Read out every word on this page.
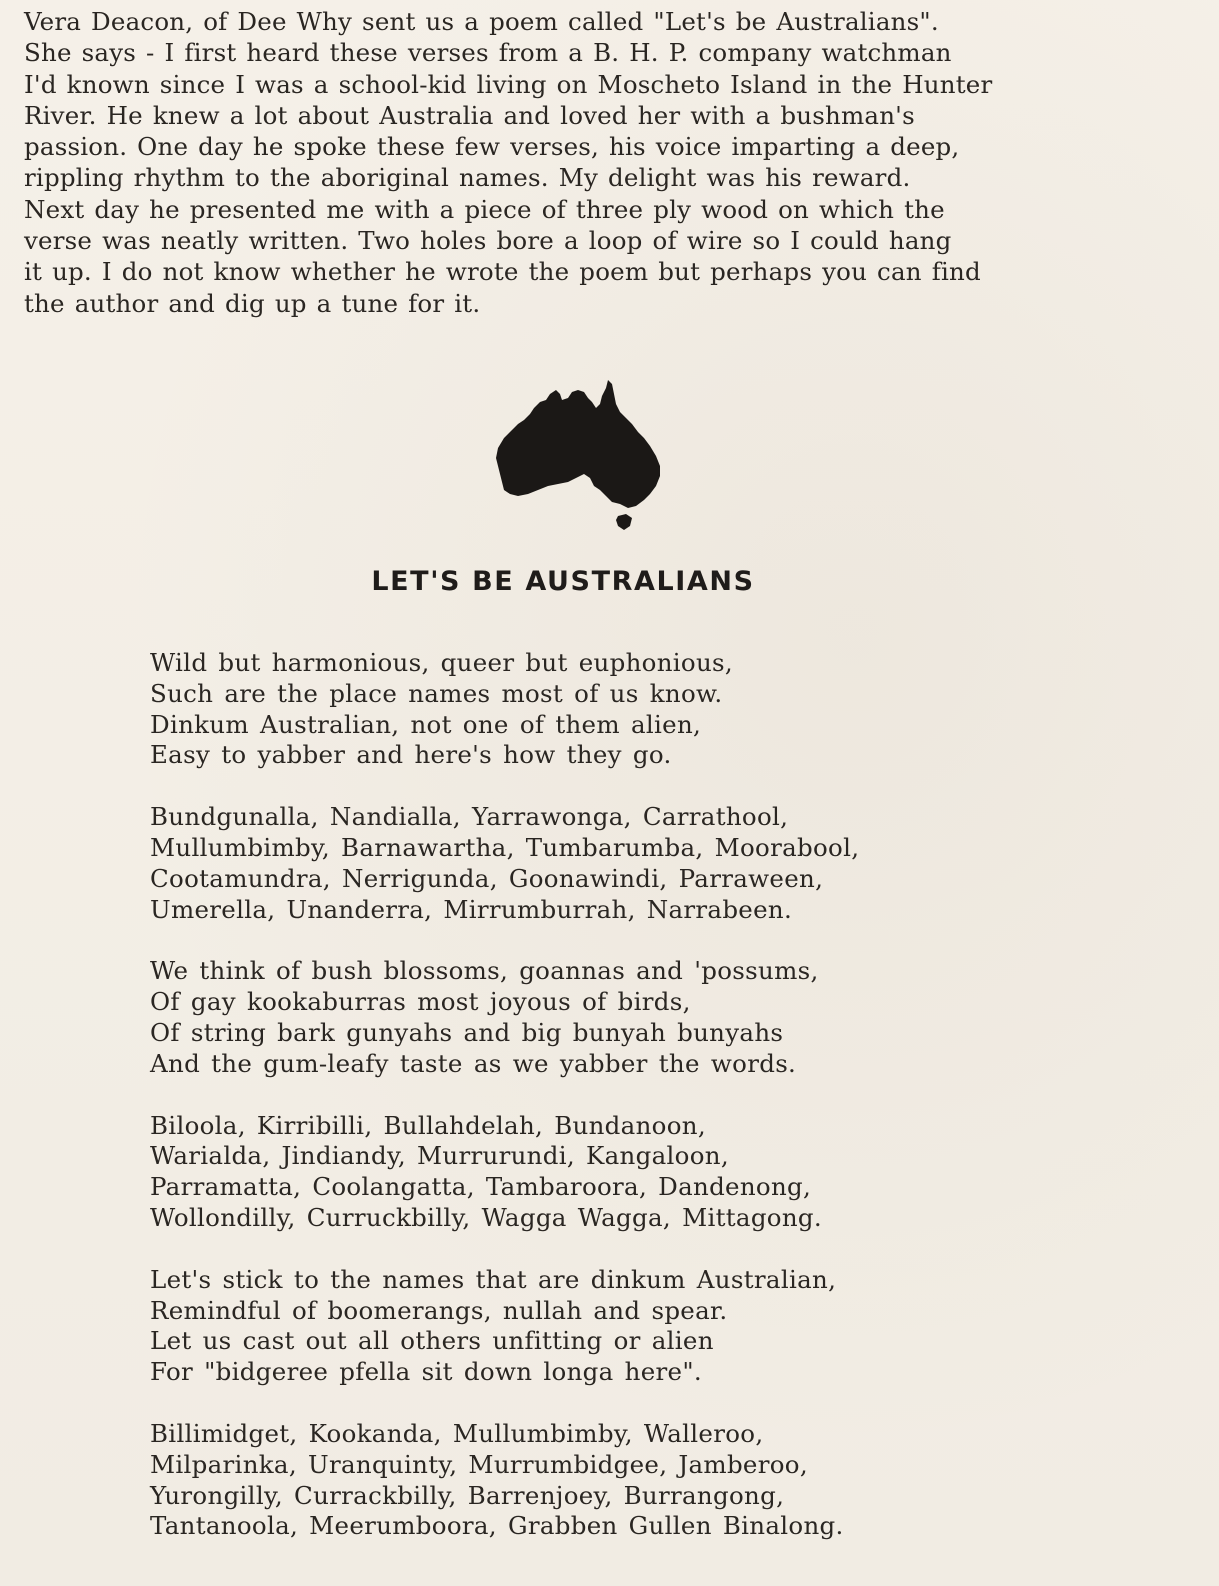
Vera Deacon, of Dee Why sent us a poem called "Let's be Australians".
She says - I first heard these verses from a B. H. P. company watchman
I'd known since I was a school-kid living on Moscheto Island in the Hunter
River. He knew a lot about Australia and loved her with a bushman's
passion. One day he spoke these few verses, his voice imparting a deep,
rippling rhythm to the aboriginal names. My delight was his reward.
Next day he presented me with a piece of three ply wood on which the
verse was neatly written. Two holes bore a loop of wire so I could hang
it up. I do not know whether he wrote the poem but perhaps you can find
the author and dig up a tune for it.
LET'S BE AUSTRALIANS
Wild but harmonious, queer but euphonious,
Such are the place names most of us know.
Dinkum Australian, not one of them alien,
Easy to yabber and here's how they go.
Bundgunalla, Nandialla, Yarrawonga, Carrathool,
Mullumbimby, Barnawartha, Tumbarumba, Moorabool,
Cootamundra, Nerrigunda, Goonawindi, Parraween,
Umerella, Unanderra, Mirrumburrah, Narrabeen.
We think of bush blossoms, goannas and 'possums,
Of gay kookaburras most joyous of birds,
Of string bark gunyahs and big bunyah bunyahs
And the gum-leafy taste as we yabber the words.
Biloola, Kirribilli, Bullahdelah, Bundanoon,
Warialda, Jindiandy, Murrurundi, Kangaloon,
Parramatta, Coolangatta, Tambaroora, Dandenong,
Wollondilly, Curruckbilly, Wagga Wagga, Mittagong.
Let's stick to the names that are dinkum Australian,
Remindful of boomerangs, nullah and spear.
Let us cast out all others unfitting or alien
For "bidgeree pfella sit down longa here".
Billimidget, Kookanda, Mullumbimby, Walleroo,
Milparinka, Uranquinty, Murrumbidgee, Jamberoo,
Yurongilly, Currackbilly, Barrenjoey, Burrangong,
Tantanoola, Meerumboora, Grabben Gullen Binalong.
